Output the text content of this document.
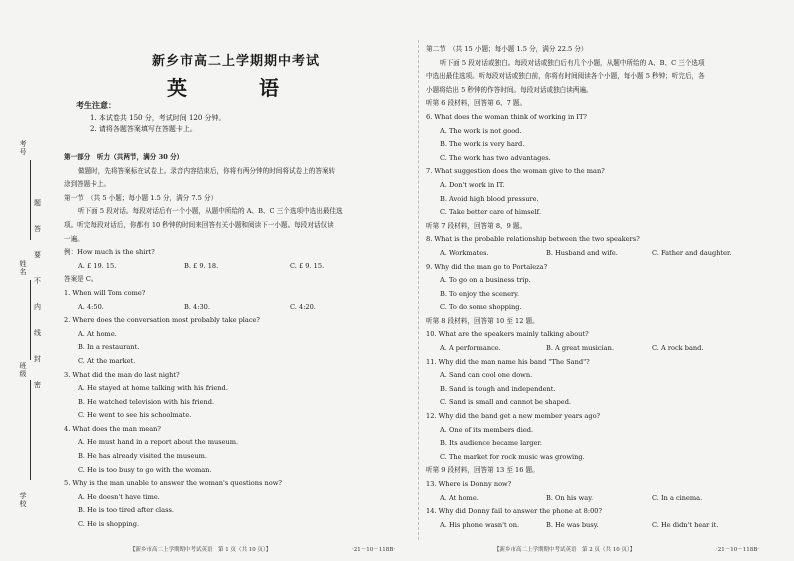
考号
姓名
班级
学校
题
答
要
不
内
线
封
密
新乡市高二上学期期中考试
英　语
考生注意：
1. 本试卷共 150 分，考试时间 120 分钟。
2. 请将各题答案填写在答题卡上。
第一部分　听力（共两节，满分 30 分）
做题时，先将答案标在试卷上。录音内容结束后，你将有两分钟的时间将试卷上的答案转
涂到答题卡上。
第一节　（共 5 小题；每小题 1.5 分，满分 7.5 分）
听下面 5 段对话。每段对话后有一个小题，从题中所给的 A、B、C 三个选项中选出最佳选
项。听完每段对话后，你都有 10 秒钟的时间来回答有关小题和阅读下一小题。每段对话仅读
一遍。
例：How much is the shirt?
A. £ 19. 15.	B. £ 9. 18.	C. £ 9. 15.
答案是 C。
1. When will Tom come?
A. 4:50.	B. 4:30.	C. 4:20.
2. Where does the conversation most probably take place?
A. At home.
B. In a restaurant.
C. At the market.
3. What did the man do last night?
A. He stayed at home talking with his friend.
B. He watched television with his friend.
C. He went to see his schoolmate.
4. What does the man mean?
A. He must hand in a report about the museum.
B. He has already visited the museum.
C. He is too busy to go with the woman.
5. Why is the man unable to answer the woman's questions now?
A. He doesn't have time.
B. He is too tired after class.
C. He is shopping.
【新乡市高二上学期期中考试英语　第 1 页（共 10 页）】	·21－10－118B·
第二节　（共 15 小题；每小题 1.5 分，满分 22.5 分）
听下面 5 段对话或独白。每段对话或独白后有几个小题，从题中所给的 A、B、C 三个选项
中选出最佳选项。听每段对话或独白前，你将有时间阅读各个小题，每小题 5 秒钟；听完后，各
小题将给出 5 秒钟的作答时间。每段对话或独白读两遍。
听第 6 段材料，回答第 6、7 题。
6. What does the woman think of working in IT?
A. The work is not good.
B. The work is very hard.
C. The work has two advantages.
7. What suggestion does the woman give to the man?
A. Don't work in IT.
B. Avoid high blood pressure.
C. Take better care of himself.
听第 7 段材料，回答第 8、9 题。
8. What is the probable relationship between the two speakers?
A. Workmates.	B. Husband and wife.	C. Father and daughter.
9. Why did the man go to Portaleza?
A. To go on a business trip.
B. To enjoy the scenery.
C. To do some shopping.
听第 8 段材料，回答第 10 至 12 题。
10. What are the speakers mainly talking about?
A. A performance.	B. A great musician.	C. A rock band.
11. Why did the man name his band "The Sand"?
A. Sand can cool one down.
B. Sand is tough and independent.
C. Sand is small and cannot be shaped.
12. Why did the band get a new member years ago?
A. One of its members died.
B. Its audience became larger.
C. The market for rock music was growing.
听第 9 段材料，回答第 13 至 16 题。
13. Where is Donny now?
A. At home.	B. On his way.	C. In a cinema.
14. Why did Donny fail to answer the phone at 8:00?
A. His phone wasn't on.	B. He was busy.	C. He didn't hear it.
【新乡市高二上学期期中考试英语　第 2 页（共 10 页）】	·21－10－118B·
